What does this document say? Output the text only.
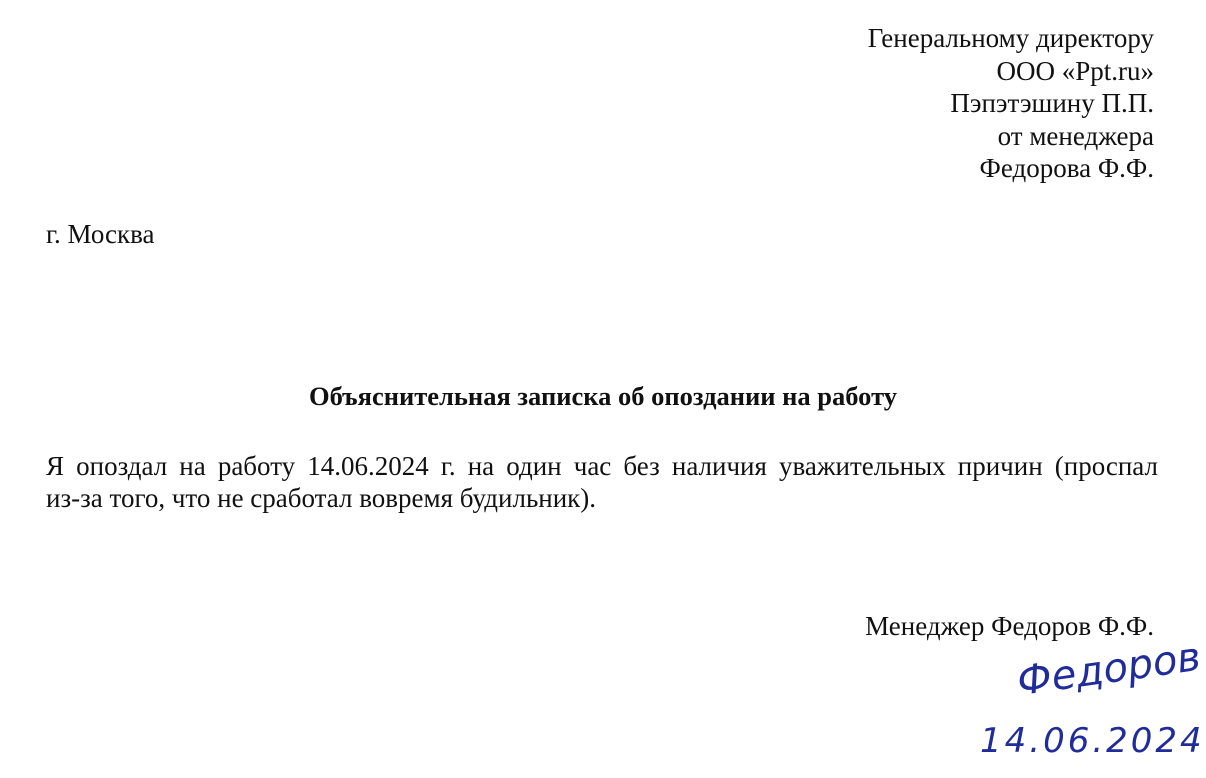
Генеральному директору
ООО «Ppt.ru»
Пэпэтэшину П.П.
от менеджера
Федорова Ф.Ф.
г. Москва
Объяснительная записка об опоздании на работу
Я опоздал на работу 14.06.2024 г. на один час без наличия уважительных причин (проспал
из-за того, что не сработал вовремя будильник).
Менеджер Федоров Ф.Ф.
Федоров
14.06.2024
